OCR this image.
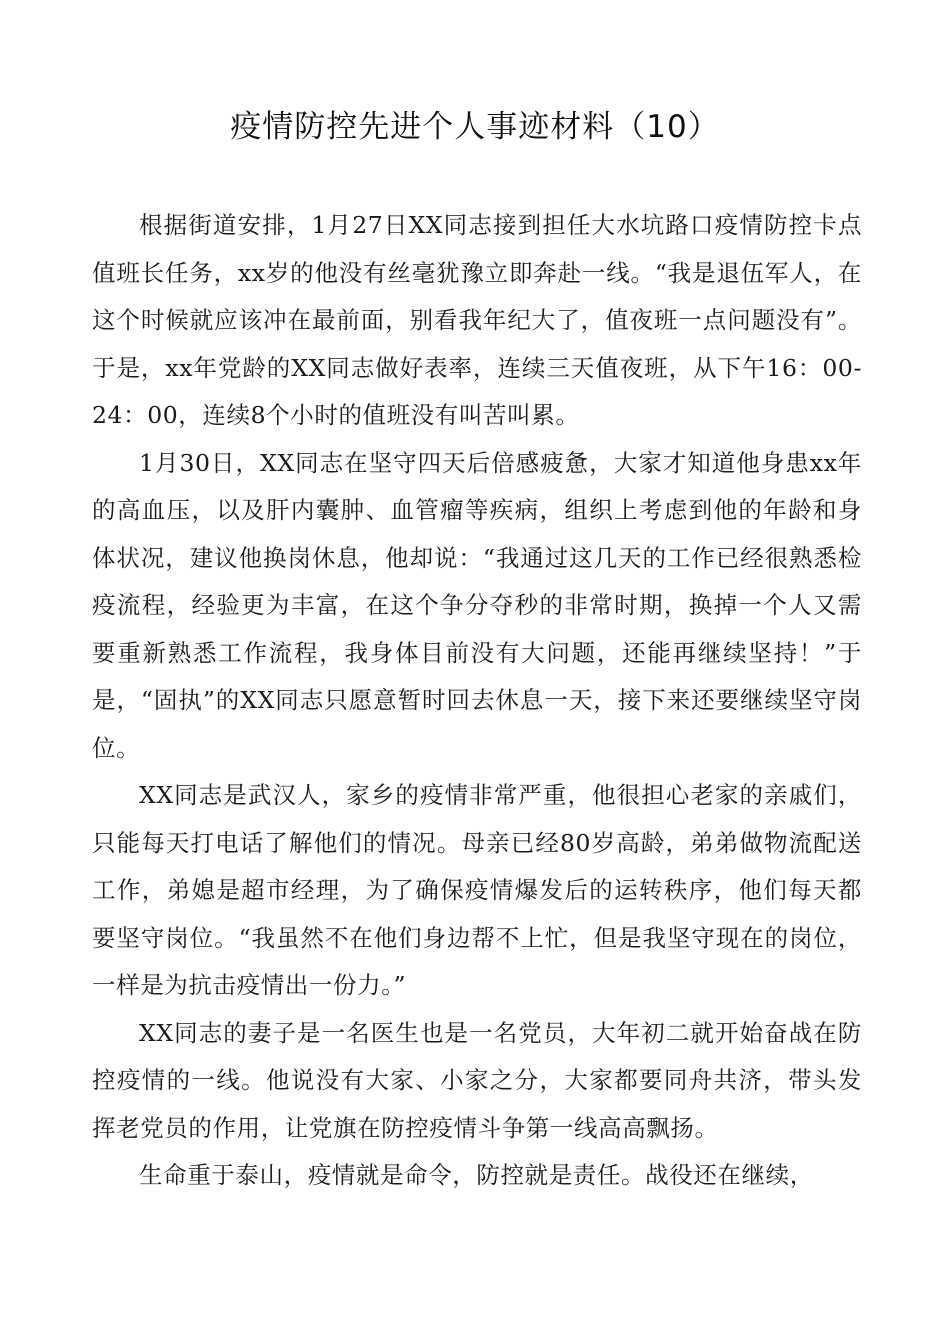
疫情防控先进个人事迹材料（10）

根据街道安排，1月27日XX同志接到担任大水坑路口疫情防控卡点值班长任务，xx岁的他没有丝毫犹豫立即奔赴一线。“我是退伍军人，在这个时候就应该冲在最前面，别看我年纪大了，值夜班一点问题没有”。于是，xx年党龄的XX同志做好表率，连续三天值夜班，从下午16：00-24：00，连续8个小时的值班没有叫苦叫累。

1月30日，XX同志在坚守四天后倍感疲惫，大家才知道他身患xx年的高血压，以及肝内囊肿、血管瘤等疾病，组织上考虑到他的年龄和身体状况，建议他换岗休息，他却说：“我通过这几天的工作已经很熟悉检疫流程，经验更为丰富，在这个争分夺秒的非常时期，换掉一个人又需要重新熟悉工作流程，我身体目前没有大问题，还能再继续坚持！”于是，“固执”的XX同志只愿意暂时回去休息一天，接下来还要继续坚守岗位。

XX同志是武汉人，家乡的疫情非常严重，他很担心老家的亲戚们，只能每天打电话了解他们的情况。母亲已经80岁高龄，弟弟做物流配送工作，弟媳是超市经理，为了确保疫情爆发后的运转秩序，他们每天都要坚守岗位。“我虽然不在他们身边帮不上忙，但是我坚守现在的岗位，一样是为抗击疫情出一份力。”

XX同志的妻子是一名医生也是一名党员，大年初二就开始奋战在防控疫情的一线。他说没有大家、小家之分，大家都要同舟共济，带头发挥老党员的作用，让党旗在防控疫情斗争第一线高高飘扬。

生命重于泰山，疫情就是命令，防控就是责任。战役还在继续，
